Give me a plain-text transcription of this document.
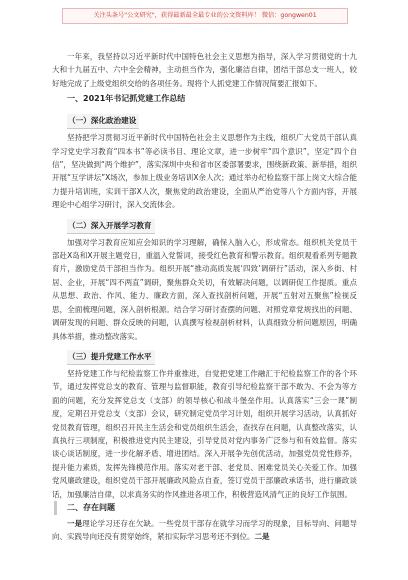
关注头条号"公文研究"，获得最新最全最专业的公文资料库！ 微信：gongwen01

一年来，我坚持以习近平新时代中国特色社会主义思想为指导，深入学习贯彻党的十九大和十九届五中、六中全会精神，主动担当作为，强化廉洁自律，团结干部总支一班人，较好地完成了上级党组织交给的各项任务。现将个人抓党建工作情况简要汇报如下。

一、2021年书记抓党建工作总结
（一）深化政治建设

坚持把学习贯彻习近平新时代中国特色社会主义思想作为主线，组织广大党员干部认真学习党史学习教育“四本书”等必读书目、理论文章，进一步树牢“四个意识”，坚定“四个自信”，坚决做到“两个维护”，落实深圳中央和省市区委部署要求，围绕新政策、新举措，组织开展“互学讲坛”X场次，参加上级业务培训X余人次；通过举办纪检监察干部上岗文大综合能力提升培训班，实训干部X人次，聚焦党的政治建设，全面从严治党等八个方面内容，开展理论中心组学习研讨，深入交流体会。

（二）深入开展学习教育

加强对学习教育应知应会知识的学习理解，确保入脑入心，形成常态。组织机关党员干部赴X岛和X开展主题党日，重温入党誓词，接受红色教育和警示教育。组织观看系列专题教育片，激励党员干部担当作为。组织开展“推动高质发展‘四致’调研行”活动，深入乡街、村居、企业，开展“四不两直”调研，聚焦群众关切，有效解决问题，以调研促工作提质。重点从思想、政治、作风、能力、廉政方面，深入查找剖析问题，开展“五射对五聚焦”检视反思，全面梳理问题，深入剖析根源。结合学习研讨查摆的问题、对照党章党规找出的问题、调研发现的问题、群众反映的问题，认真撰写检视剖析材料，认真细致分析问题原因，明确具体举措，推动整改落实。

（三）提升党建工作水平

坚持党建工作与纪检监察工作并重推进，自觉把党建工作融汇于纪检监察工作的各个环节，通过发挥党总支的教育、管理与监督职能，教育引导纪检监察干部不敢为、不会为等方面的问题，充分发挥党总支（支部）的领导核心和战斗堡垒作用。认真落实“三会一课”制度，定期召开党总支（支部）会议，研究制定党员学习计划，组织开展学习活动，认真抓好党员教育管理，组织召开民主生活会和党员组织生活会，查找存在问题，认真整改落实，认真执行三项制度，积极推进党内民主建设，引导党员对党内事务广泛参与和有效监督。落实谈心谈话制度，进一步化解矛盾、增进团结。深入开展争先创优活动，加强党员党性修养，提升能力素质，发挥先锋模范作用。落实对老干部、老党员、困难党员关心关爱工作。加强党风廉政建设，组织党员干部开展廉政风险点自查，签订党员干部廉政承诺书，进行廉政谈话，加强廉洁自律，以求真务实的作风推进各项工作，积极营造风清气正的良好工作氛围。

二、存在问题

一是理论学习还存在欠缺。一些党员干部存在就学习而学习的现象，目标导向、问题导向、实践导向还没有贯穿始终，紧扣实际学习思考还不到位。二是
